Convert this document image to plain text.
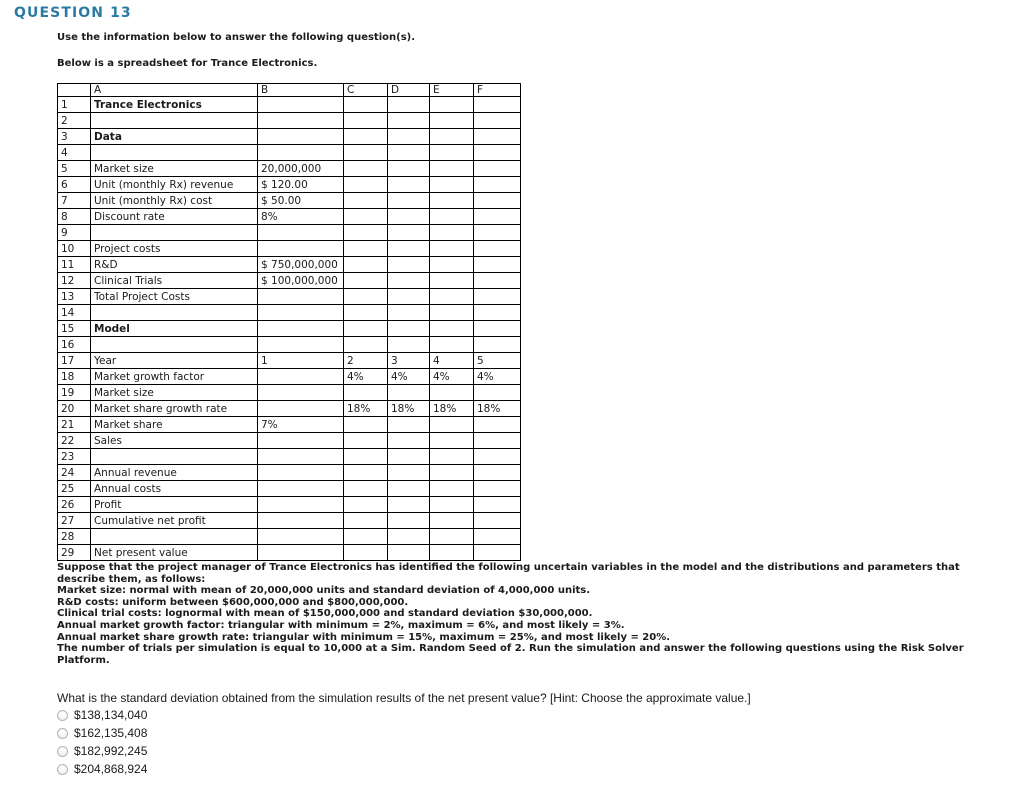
QUESTION 13
Use the information below to answer the following question(s).
Below is a spreadsheet for Trance Electronics.
	A	B	C	D	E	F
1	Trance Electronics					
2						
3	Data					
4						
5	Market size	20,000,000				
6	Unit (monthly Rx) revenue	$ 120.00				
7	Unit (monthly Rx) cost	$ 50.00				
8	Discount rate	8%				
9						
10	Project costs					
11	R&D	$ 750,000,000				
12	Clinical Trials	$ 100,000,000				
13	Total Project Costs					
14						
15	Model					
16						
17	Year	1	2	3	4	5
18	Market growth factor		4%	4%	4%	4%
19	Market size					
20	Market share growth rate		18%	18%	18%	18%
21	Market share	7%				
22	Sales					
23						
24	Annual revenue					
25	Annual costs					
26	Profit					
27	Cumulative net profit					
28						
29	Net present value					
Suppose that the project manager of Trance Electronics has identified the following uncertain variables in the model and the distributions and parameters that
describe them, as follows:
Market size: normal with mean of 20,000,000 units and standard deviation of 4,000,000 units.
R&D costs: uniform between $600,000,000 and $800,000,000.
Clinical trial costs: lognormal with mean of $150,000,000 and standard deviation $30,000,000.
Annual market growth factor: triangular with minimum = 2%, maximum = 6%, and most likely = 3%.
Annual market share growth rate: triangular with minimum = 15%, maximum = 25%, and most likely = 20%.
The number of trials per simulation is equal to 10,000 at a Sim. Random Seed of 2. Run the simulation and answer the following questions using the Risk Solver
Platform.
What is the standard deviation obtained from the simulation results of the net present value? [Hint: Choose the approximate value.]
$138,134,040
$162,135,408
$182,992,245
$204,868,924
